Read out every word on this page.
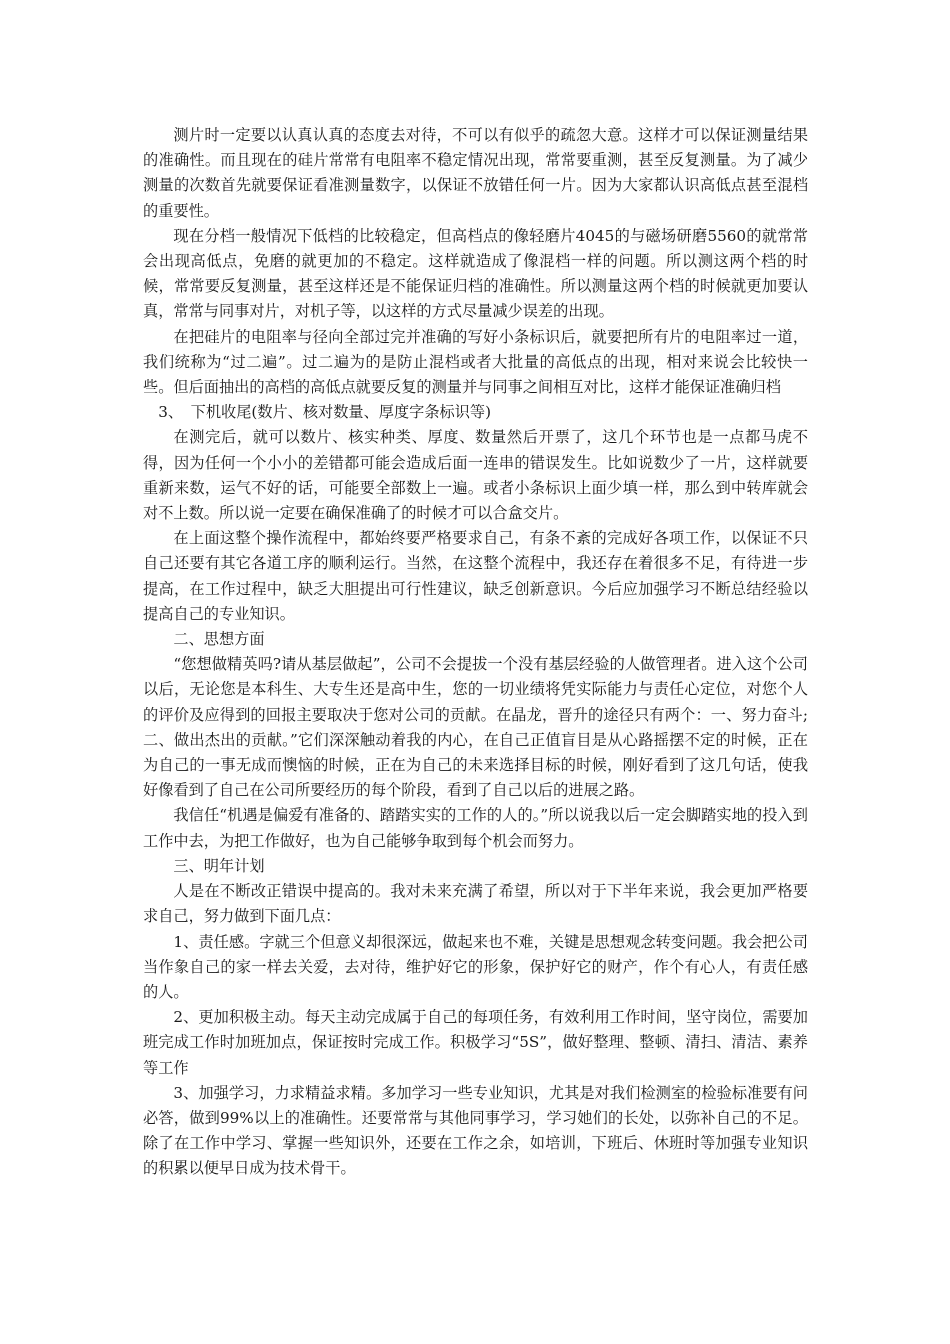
测片时一定要以认真认真的态度去对待，不可以有似乎的疏忽大意。这样才可以保证测量结果的准确性。而且现在的硅片常常有电阻率不稳定情况出现，常常要重测，甚至反复测量。为了减少测量的次数首先就要保证看准测量数字，以保证不放错任何一片。因为大家都认识高低点甚至混档的重要性。

现在分档一般情况下低档的比较稳定，但高档点的像轻磨片4045的与磁场研磨5560的就常常会出现高低点，免磨的就更加的不稳定。这样就造成了像混档一样的问题。所以测这两个档的时候，常常要反复测量，甚至这样还是不能保证归档的准确性。所以测量这两个档的时候就更加要认真，常常与同事对片，对机子等，以这样的方式尽量减少误差的出现。

在把硅片的电阻率与径向全部过完并准确的写好小条标识后，就要把所有片的电阻率过一道，我们统称为“过二遍”。过二遍为的是防止混档或者大批量的高低点的出现，相对来说会比较快一些。但后面抽出的高档的高低点就要反复的测量并与同事之间相互对比，这样才能保证准确归档

3、　下机收尾(数片、核对数量、厚度字条标识等)

在测完后，就可以数片、核实种类、厚度、数量然后开票了，这几个环节也是一点都马虎不得，因为任何一个小小的差错都可能会造成后面一连串的错误发生。比如说数少了一片，这样就要重新来数，运气不好的话，可能要全部数上一遍。或者小条标识上面少填一样，那么到中转库就会对不上数。所以说一定要在确保准确了的时候才可以合盒交片。

在上面这整个操作流程中，都始终要严格要求自己，有条不紊的完成好各项工作，以保证不只自己还要有其它各道工序的顺利运行。当然，在这整个流程中，我还存在着很多不足，有待进一步提高，在工作过程中，缺乏大胆提出可行性建议，缺乏创新意识。今后应加强学习不断总结经验以提高自己的专业知识。

二、思想方面

“您想做精英吗?请从基层做起”，公司不会提拔一个没有基层经验的人做管理者。进入这个公司以后，无论您是本科生、大专生还是高中生，您的一切业绩将凭实际能力与责任心定位，对您个人的评价及应得到的回报主要取决于您对公司的贡献。在晶龙，晋升的途径只有两个：一、努力奋斗;二、做出杰出的贡献。”它们深深触动着我的内心，在自己正值盲目是从心路摇摆不定的时候，正在为自己的一事无成而懊恼的时候，正在为自己的未来选择目标的时候，刚好看到了这几句话，使我好像看到了自己在公司所要经历的每个阶段，看到了自己以后的进展之路。

我信任“机遇是偏爱有准备的、踏踏实实的工作的人的。”所以说我以后一定会脚踏实地的投入到工作中去，为把工作做好，也为自己能够争取到每个机会而努力。

三、明年计划

人是在不断改正错误中提高的。我对未来充满了希望，所以对于下半年来说，我会更加严格要求自己，努力做到下面几点：

1、责任感。字就三个但意义却很深远，做起来也不难，关键是思想观念转变问题。我会把公司当作象自己的家一样去关爱，去对待，维护好它的形象，保护好它的财产，作个有心人，有责任感的人。

2、更加积极主动。每天主动完成属于自己的每项任务，有效利用工作时间，坚守岗位，需要加班完成工作时加班加点，保证按时完成工作。积极学习“5S”，做好整理、整顿、清扫、清洁、素养等工作

3、加强学习，力求精益求精。多加学习一些专业知识，尤其是对我们检测室的检验标准要有问必答，做到99%以上的准确性。还要常常与其他同事学习，学习她们的长处，以弥补自己的不足。除了在工作中学习、掌握一些知识外，还要在工作之余，如培训，下班后、休班时等加强专业知识的积累以便早日成为技术骨干。
